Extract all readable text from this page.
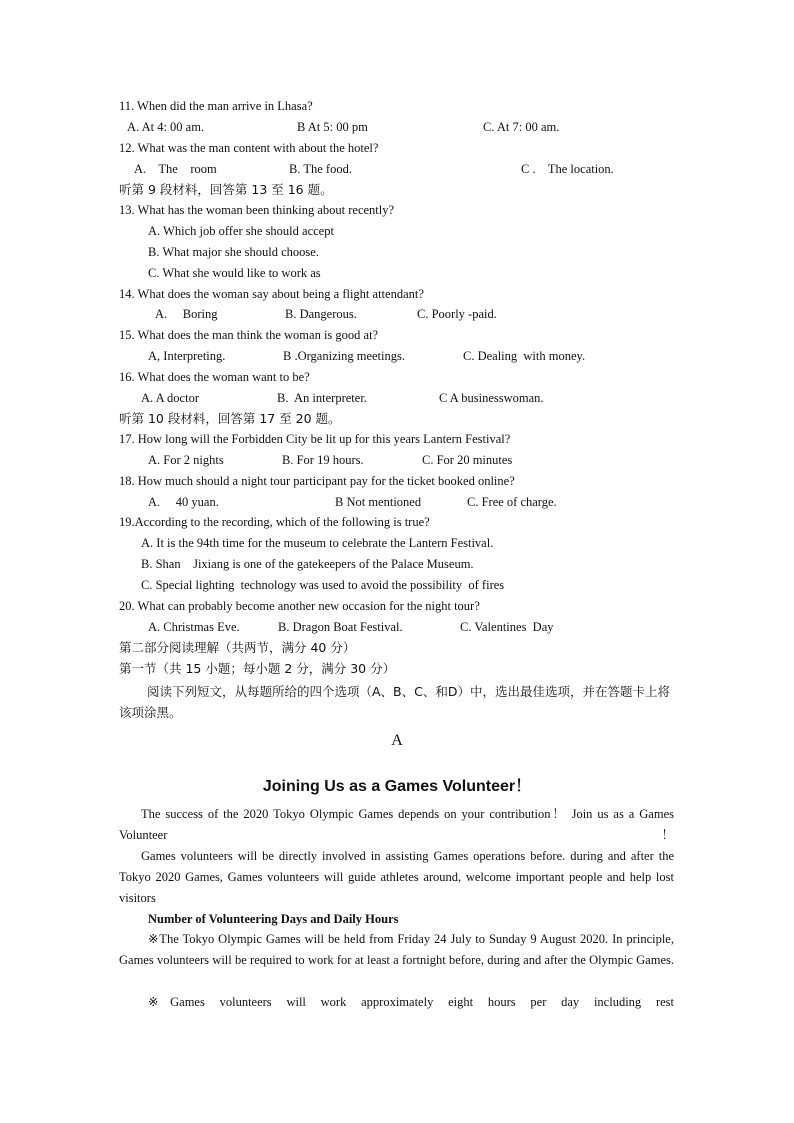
11. When did the man arrive in Lhasa?
A. At 4: 00 am.	B At 5: 00 pm	C. At 7: 00 am.
12. What was the man content with about the hotel?
A.    The    room	B. The food.	C .    The location.
听第 9 段材料，回答第 13 至 16 题。
13. What has the woman been thinking about recently?
A. Which job offer she should accept
B. What major she should choose.
C. What she would like to work as
14. What does the woman say about being a flight attendant?
A.     Boring	B. Dangerous.	C. Poorly -paid.
15. What does the man think the woman is good at?
A, Interpreting.	B .Organizing meetings.	C. Dealing  with money.
16. What does the woman want to be?
A. A doctor	B.  An interpreter.	C A businesswoman.
听第 10 段材料，回答第 17 至 20 题。
17. How long will the Forbidden City be lit up for this years Lantern Festival?
A. For 2 nights	B. For 19 hours.	C. For 20 minutes
18. How much should a night tour participant pay for the ticket booked online?
A.     40 yuan.	B Not mentioned	C. Free of charge.
19.According to the recording, which of the following is true?
A. It is the 94th time for the museum to celebrate the Lantern Festival.
B. Shan    Jixiang is one of the gatekeepers of the Palace Museum.
C. Special lighting  technology was used to avoid the possibility  of fires
20. What can probably become another new occasion for the night tour?
A. Christmas Eve.	B. Dragon Boat Festival.	C. Valentines  Day
第二部分阅读理解（共两节，满分 40 分）
第一节（共 15 小题；每小题 2 分，满分 30 分）
阅读下列短文，从每题所给的四个选项（A、B、C、和D）中，选出最佳选项，并在答题卡上将该项涂黑。
A
Joining Us as a Games Volunteer！
The success of the 2020 Tokyo Olympic Games depends on your contribution！ Join us as a Games Volunteer！
Games volunteers will be directly involved in assisting Games operations before. during and after the Tokyo 2020 Games, Games volunteers will guide athletes around, welcome important people and help lost visitors
Number of Volunteering Days and Daily Hours
※The Tokyo Olympic Games will be held from Friday 24 July to Sunday 9 August 2020. In principle, Games volunteers will be required to work for at least a fortnight before, during and after the Olympic Games.
※Games volunteers will work approximately eight hours per day including rest
